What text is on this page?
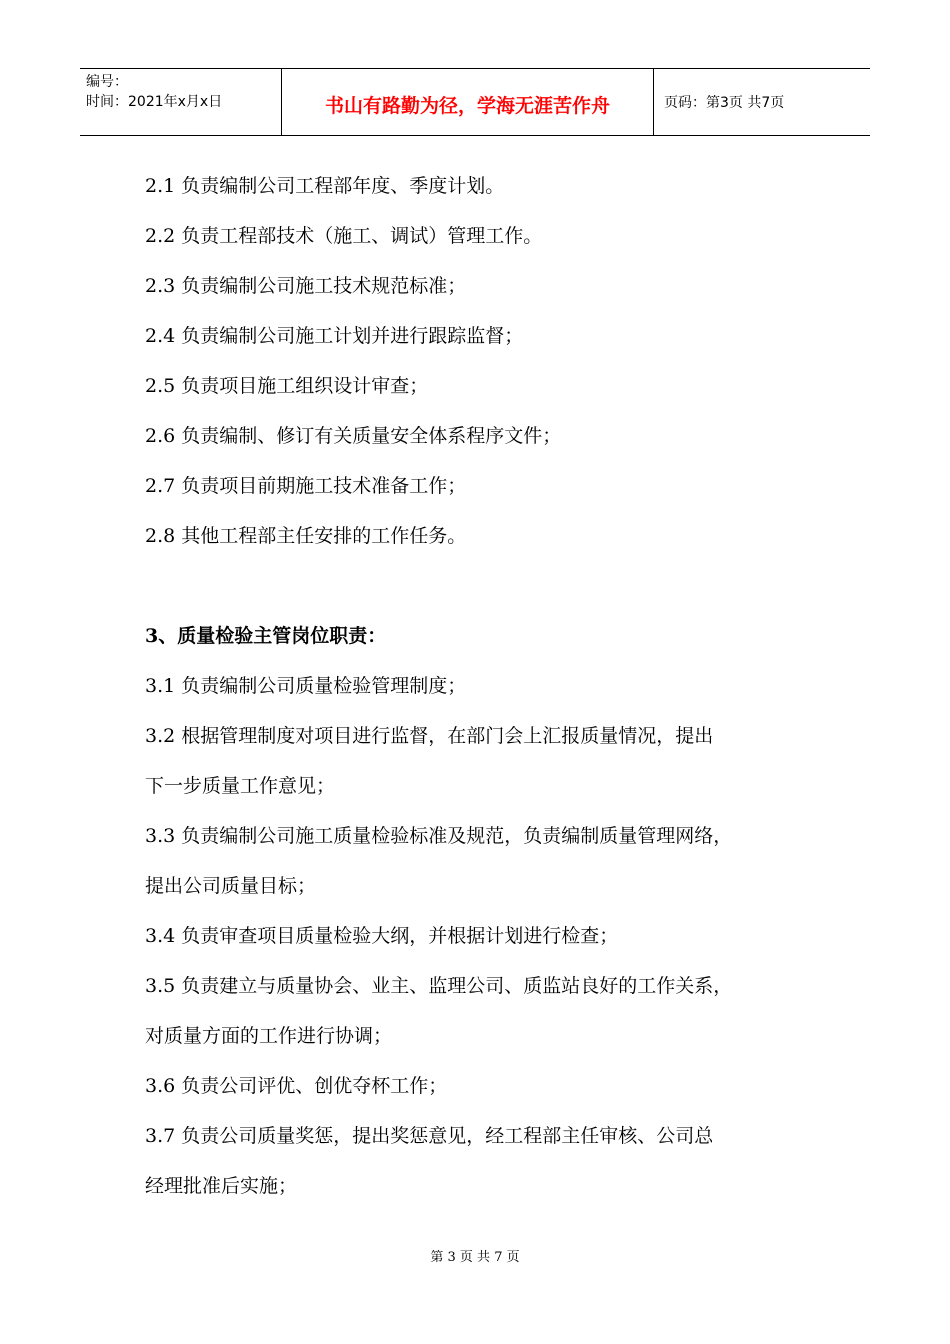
编号：
时间：2021年x月x日	书山有路勤为径，学海无涯苦作舟	页码：第3页 共7页
2.1 负责编制公司工程部年度、季度计划。
2.2 负责工程部技术（施工、调试）管理工作。
2.3 负责编制公司施工技术规范标准；
2.4 负责编制公司施工计划并进行跟踪监督；
2.5 负责项目施工组织设计审查；
2.6 负责编制、修订有关质量安全体系程序文件；
2.7 负责项目前期施工技术准备工作；
2.8 其他工程部主任安排的工作任务。
3、质量检验主管岗位职责：
3.1 负责编制公司质量检验管理制度；
3.2 根据管理制度对项目进行监督，在部门会上汇报质量情况，提出
下一步质量工作意见；
3.3 负责编制公司施工质量检验标准及规范，负责编制质量管理网络，
提出公司质量目标；
3.4 负责审查项目质量检验大纲，并根据计划进行检查；
3.5 负责建立与质量协会、业主、监理公司、质监站良好的工作关系，
对质量方面的工作进行协调；
3.6 负责公司评优、创优夺杯工作；
3.7 负责公司质量奖惩，提出奖惩意见，经工程部主任审核、公司总
经理批准后实施；
第 3 页 共 7 页
